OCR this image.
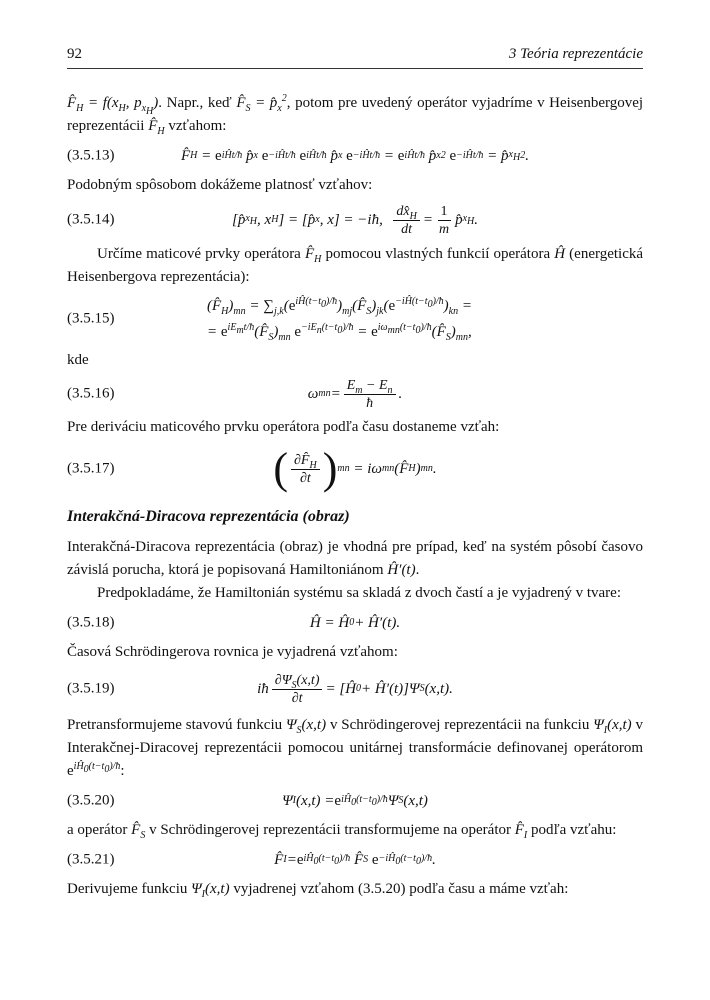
92	3 Teória reprezentácie

$F̂_H = f(x_H$, $p_{x_H}$). Napr., keď $F̂_S$ = $p̂_x^2$, potom pre uvedený operátor vyjadríme v Heisenbergovej reprezentácii $F̂_H$ vzťahom:

(3.5.13)	F̂ H = e iĤt/ħ p̂ x
e −iĤt/ħ
e iĤt/ħ p̂ x
e −iĤt/ħ = e iĤt/ħ p̂ x 2
e −iĤt/ħ = p̂ $x_H$ 2 .

Podobným spôsobom dokážeme platnosť vzťahov:

(3.5.14)	[p̂ $x_H$ , x H ] = [p̂ x , x] = −iħ, $\frac{dx̂_H}{dt} = \frac{1}{m}$ p̂ $x_H$ .

Určíme maticové prvky operátora $F̂_H$ pomocou vlastných funkcií operátora Ĥ (energetická Heisenbergova reprezentácia):

(3.5.15)
$(F̂_H)_{mn}$ = $\sum_{j,k}(e^{iĤ(t-t_0)/ħ})_{mj}(F̂_S)_{jk}(e^{-iĤ(t-t_0)/ħ})_{kn}$ =
= $e^{iE_mt/ħ}(F̂_S)_{mn}$ $e^{-iE_n(t-t_0)/ħ}$ = $e^{i\omega_{mn}(t-t_0)/ħ}(F̂_S)_{mn}$,

kde

(3.5.16)	ω mn = $\frac{E_m - E_n}{ħ}$ .

Pre deriváciu maticového prvku operátora podľa času dostaneme vzťah:

(3.5.17)	( $\frac{\partial F̂_H}{\partial t}$ ) mn = iω mn (F̂ H ) mn .
Interakčná-Diracova reprezentácia (obraz)

Interakčná-Diracova reprezentácia (obraz) je vhodná pre prípad, keď na systém pôsobí časovo závislá porucha, ktorá je popisovaná Hamiltoniánom Ĥ′(t).

Predpokladáme, že Hamiltonián systému sa skladá z dvoch častí a je vyjadrený v tvare:

(3.5.18)	Ĥ = Ĥ 0 + Ĥ′(t).

Časová Schrödingerova rovnica je vyjadrená vzťahom:

(3.5.19)	iħ $\frac{\partial\Psi_S(x,t)}{\partial t}$ = [Ĥ 0 + Ĥ′(t)]Ψ S (x,t).

Pretransformujeme stavovú funkciu $\Psi_S(x,t)$ v Schrödingerovej reprezentácii na funkciu $\Psi_I(x,t)$ v Interakčnej-Diracovej reprezentácii pomocou unitárnej transformácie definovanej operátorom $e^{iĤ_0(t-t_0)/ħ}$:

(3.5.20)	Ψ I (x,t) = e $iĤ_0(t-t_0)/ħ$ Ψ S (x,t)

a operátor $F̂_S$ v Schrödingerovej reprezentácii transformujeme na operátor $F̂_I$ podľa vzťahu:

(3.5.21)	F̂ I = e $iĤ_0(t-t_0)/ħ$ F̂ S
$e -iĤ_0(t-t_0)/ħ$ .

Derivujeme funkciu $\Psi_I(x,t)$ vyjadrenej vzťahom (3.5.20) podľa času a máme vzťah:
